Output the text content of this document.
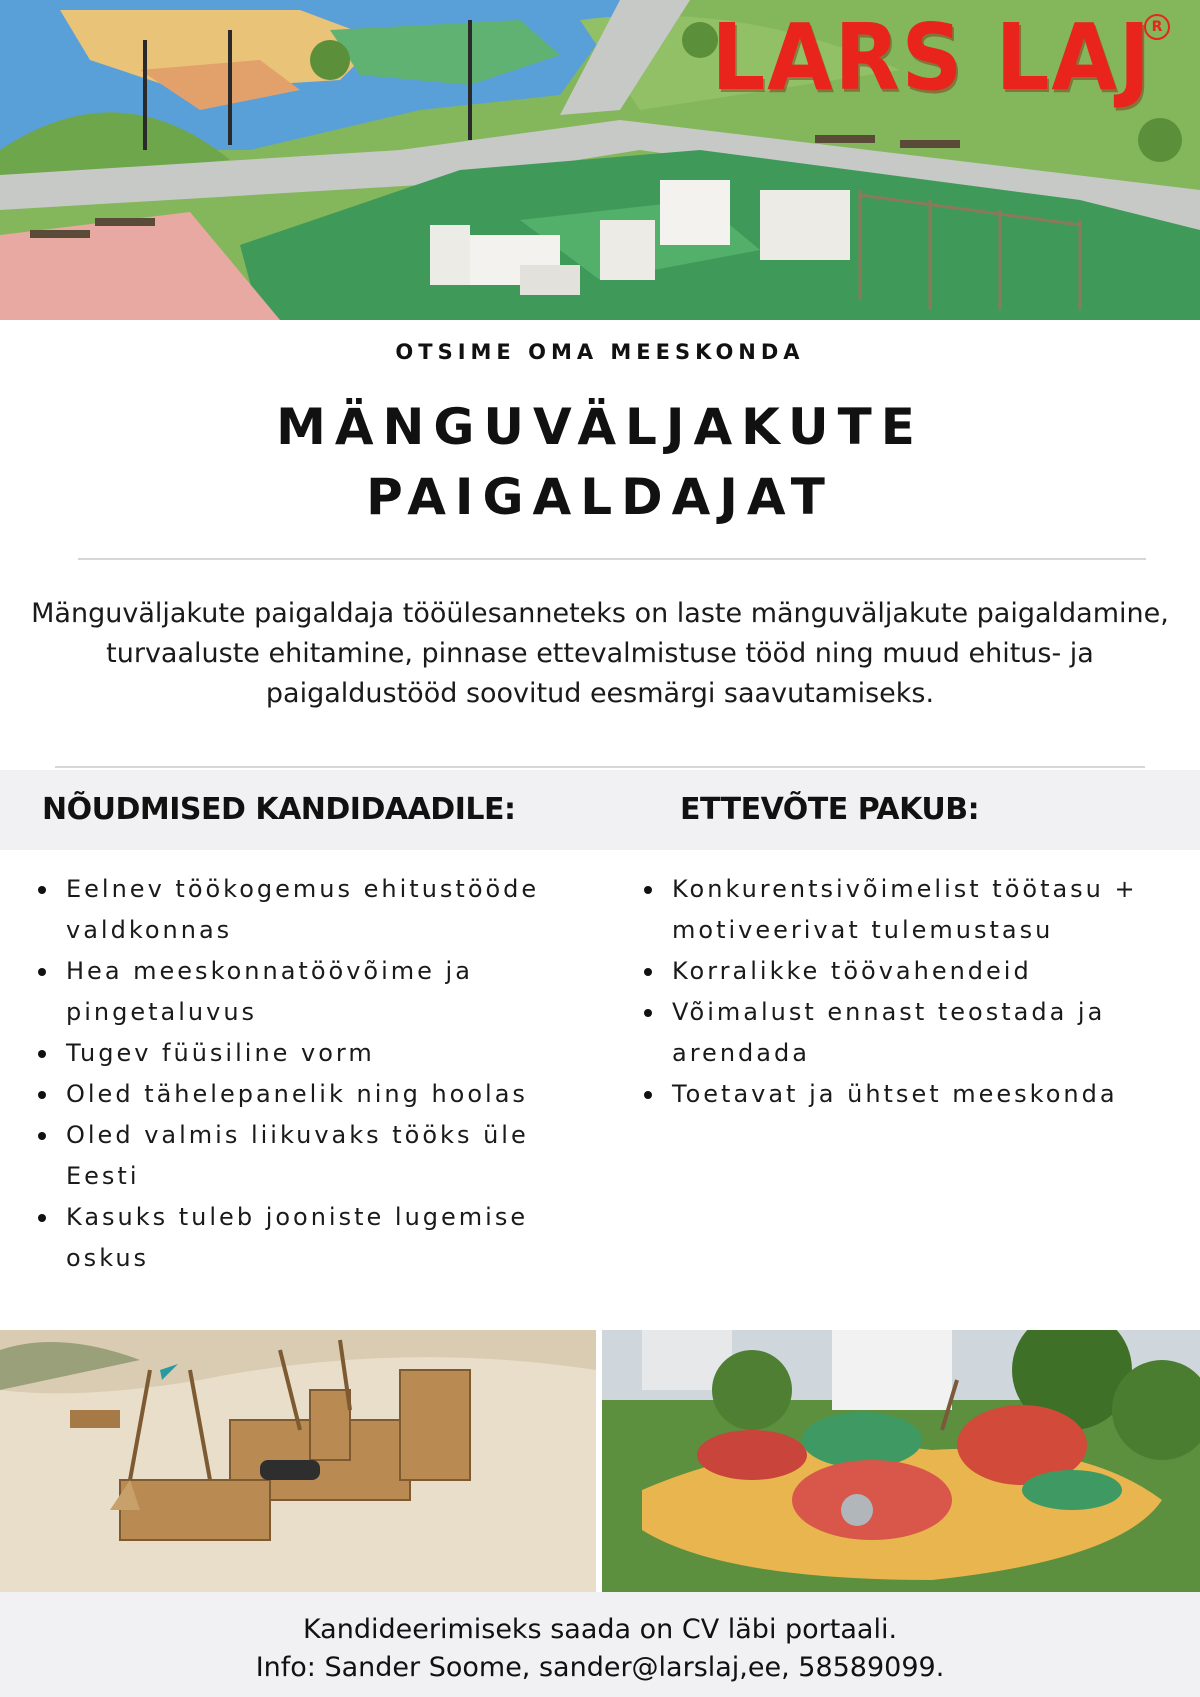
LARS LAJ R
OTSIME OMA MEESKONDA
MÄNGUVÄLJAKUTE
PAIGALDAJAT

Mänguväljakute paigaldaja tööülesanneteks on laste mänguväljakute paigaldamine, turvaaluste ehitamine, pinnase ettevalmistuse tööd ning muud ehitus- ja paigaldustööd soovitud eesmärgi saavutamiseks.

NÕUDMISED KANDIDAADILE:	ETTEVÕTE PAKUB:
Eelnev töökogemus ehitustööde valdkonnas
Hea meeskonnatöövõime ja pingetaluvus
Tugev füüsiline vorm
Oled tähelepanelik ning hoolas
Oled valmis liikuvaks tööks üle Eesti
Kasuks tuleb jooniste lugemise oskus
Konkurentsivõimelist töötasu + motiveerivat tulemustasu
Korralikke töövahendeid
Võimalust ennast teostada ja arendada
Toetavat ja ühtset meeskonda

Kandideerimiseks saada on CV läbi portaali.

Info: Sander Soome, sander@larslaj,ee, 58589099.
